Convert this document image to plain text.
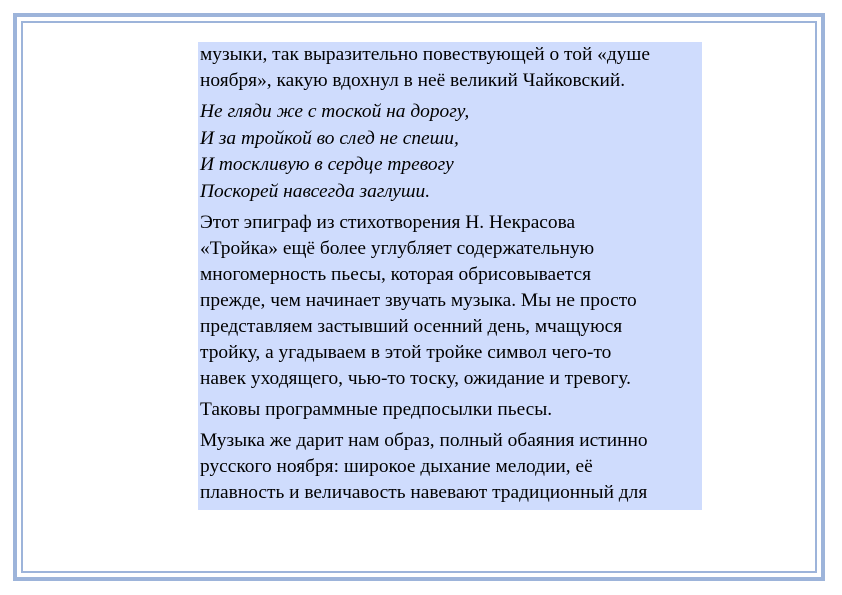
музыки, так выразительно повествующей о той «душе
ноября», какую вдохнул в неё великий Чайковский.

Не гляди же с тоской на дорогу,
И за тройкой во след не спеши,
И тоскливую в сердце тревогу
Поскорей навсегда заглуши.

Этот эпиграф из стихотворения Н. Некрасова
«Тройка» ещё более углубляет содержательную
многомерность пьесы, которая обрисовывается
прежде, чем начинает звучать музыка. Мы не просто
представляем застывший осенний день, мчащуюся
тройку, а угадываем в этой тройке символ чего-то
навек уходящего, чью-то тоску, ожидание и тревогу.

Таковы программные предпосылки пьесы.

Музыка же дарит нам образ, полный обаяния истинно
русского ноября: широкое дыхание мелодии, её
плавность и величавость навевают традиционный для
